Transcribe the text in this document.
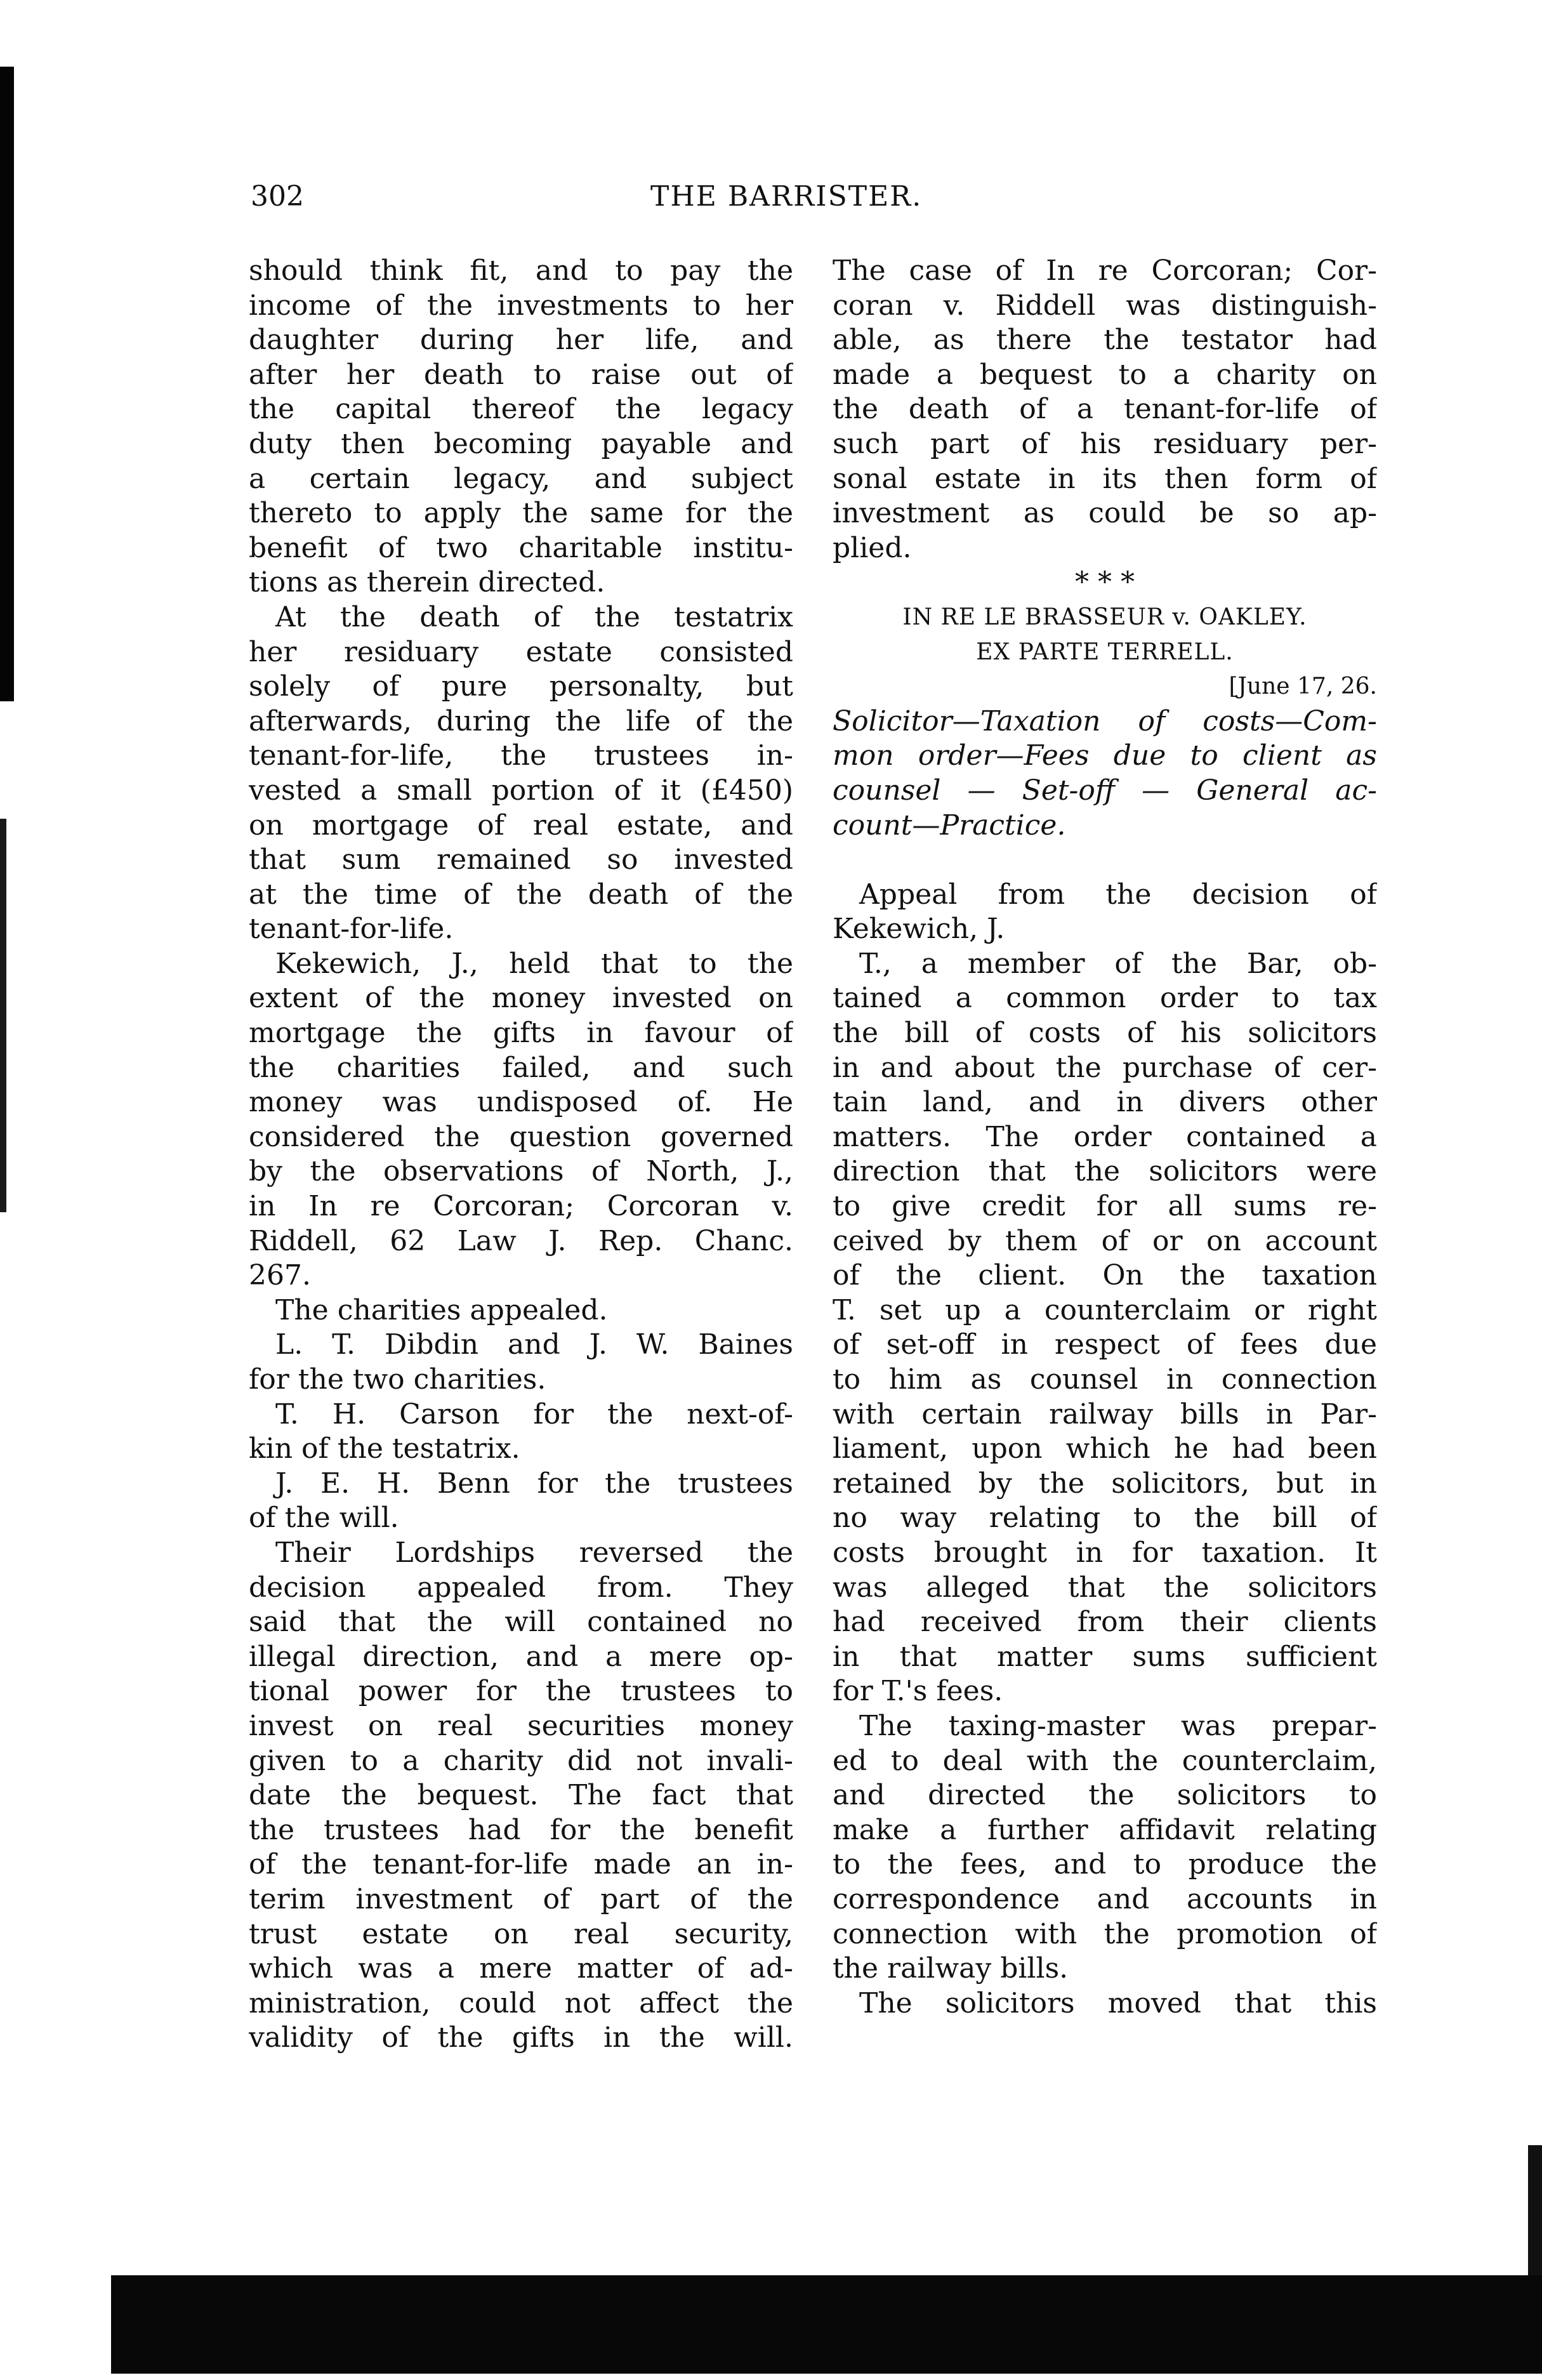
302	THE BARRISTER.
should think fit, and to pay the
income of the investments to her
daughter during her life, and
after her death to raise out of
the capital thereof the legacy
duty then becoming payable and
a certain legacy, and subject
thereto to apply the same for the
benefit of two charitable institu-
tions as therein directed.
At the death of the testatrix
her residuary estate consisted
solely of pure personalty, but
afterwards, during the life of the
tenant-for-life, the trustees in-
vested a small portion of it (£450)
on mortgage of real estate, and
that sum remained so invested
at the time of the death of the
tenant-for-life.
Kekewich, J., held that to the
extent of the money invested on
mortgage the gifts in favour of
the charities failed, and such
money was undisposed of. He
considered the question governed
by the observations of North, J.,
in In re Corcoran; Corcoran v.
Riddell, 62 Law J. Rep. Chanc.
267.
The charities appealed.
L. T. Dibdin and J. W. Baines
for the two charities.
T. H. Carson for the next-of-
kin of the testatrix.
J. E. H. Benn for the trustees
of the will.
Their Lordships reversed the
decision appealed from. They
said that the will contained no
illegal direction, and a mere op-
tional power for the trustees to
invest on real securities money
given to a charity did not invali-
date the bequest. The fact that
the trustees had for the benefit
of the tenant-for-life made an in-
terim investment of part of the
trust estate on real security,
which was a mere matter of ad-
ministration, could not affect the
validity of the gifts in the will.
The case of In re Corcoran; Cor-
coran v. Riddell was distinguish-
able, as there the testator had
made a bequest to a charity on
the death of a tenant-for-life of
such part of his residuary per-
sonal estate in its then form of
investment as could be so ap-
plied.
* * *
IN RE LE BRASSEUR v. OAKLEY.
EX PARTE TERRELL.
[June 17, 26.
Solicitor—Taxation of costs—Com-
mon order—Fees due to client as
counsel — Set-off — General ac-
count—Practice.
Appeal from the decision of
Kekewich, J.
T., a member of the Bar, ob-
tained a common order to tax
the bill of costs of his solicitors
in and about the purchase of cer-
tain land, and in divers other
matters. The order contained a
direction that the solicitors were
to give credit for all sums re-
ceived by them of or on account
of the client. On the taxation
T. set up a counterclaim or right
of set-off in respect of fees due
to him as counsel in connection
with certain railway bills in Par-
liament, upon which he had been
retained by the solicitors, but in
no way relating to the bill of
costs brought in for taxation. It
was alleged that the solicitors
had received from their clients
in that matter sums sufficient
for T.'s fees.
The taxing-master was prepar-
ed to deal with the counterclaim,
and directed the solicitors to
make a further affidavit relating
to the fees, and to produce the
correspondence and accounts in
connection with the promotion of
the railway bills.
The solicitors moved that this
